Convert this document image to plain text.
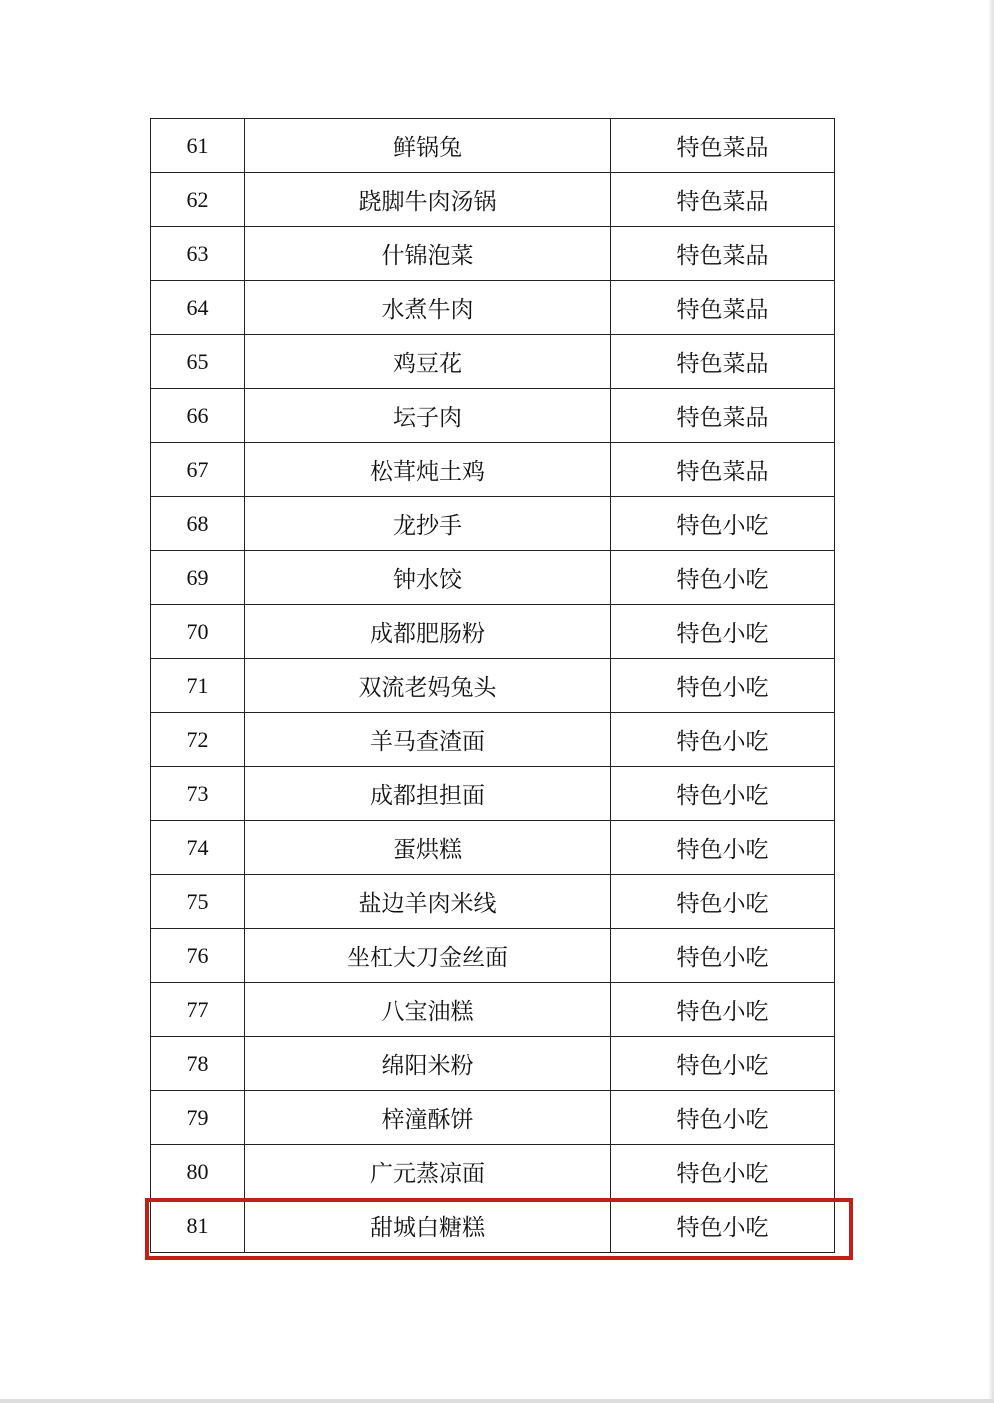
61	鲜锅兔	特色菜品
62	跷脚牛肉汤锅	特色菜品
63	什锦泡菜	特色菜品
64	水煮牛肉	特色菜品
65	鸡豆花	特色菜品
66	坛子肉	特色菜品
67	松茸炖土鸡	特色菜品
68	龙抄手	特色小吃
69	钟水饺	特色小吃
70	成都肥肠粉	特色小吃
71	双流老妈兔头	特色小吃
72	羊马查渣面	特色小吃
73	成都担担面	特色小吃
74	蛋烘糕	特色小吃
75	盐边羊肉米线	特色小吃
76	坐杠大刀金丝面	特色小吃
77	八宝油糕	特色小吃
78	绵阳米粉	特色小吃
79	梓潼酥饼	特色小吃
80	广元蒸凉面	特色小吃
81	甜城白糖糕	特色小吃
